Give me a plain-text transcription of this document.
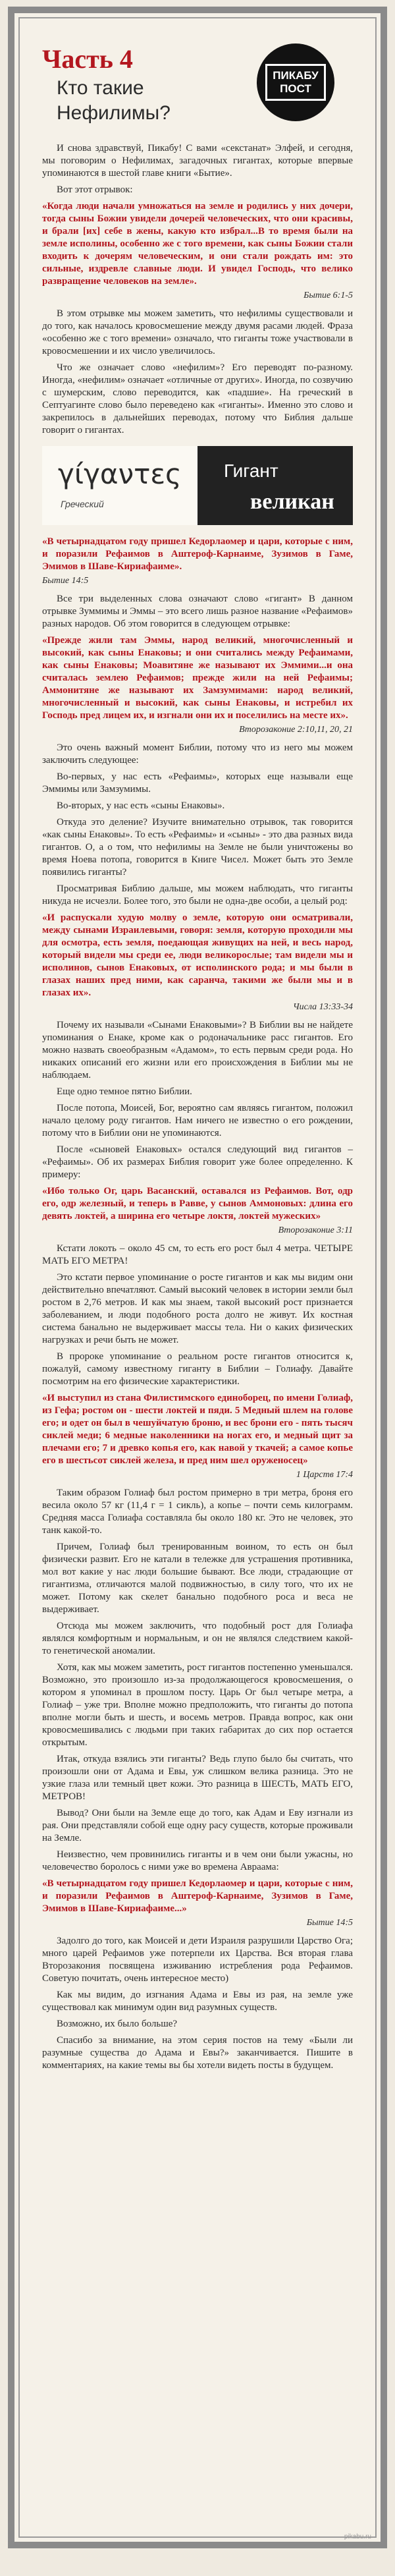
Часть 4
Кто такие
Нефилимы?
ПИКАБУ
ПОСТ

И снова здравствуй, Пикабу! С вами «секстанат» Элфей, и сегодня, мы поговорим о Нефилимах, загадочных гигантах, которые впервые упоминаются в шестой главе книги «Бытие».

Вот этот отрывок:

«Когда люди начали умножаться на земле и родились у них дочери, тогда сыны Божии увидели дочерей человеческих, что они красивы, и брали [их] себе в жены, какую кто избрал...В то время были на земле исполины, особенно же с того времени, как сыны Божии стали входить к дочерям человеческим, и они стали рождать им: это сильные, издревле славные люди. И увидел Господь, что велико развращение человеков на земле».
Бытие 6:1-5

В этом отрывке мы можем заметить, что нефилимы существовали и до того, как началось кровосмешение между двумя расами людей. Фраза «особенно же с того времени» означало, что гиганты тоже участвовали в кровосмешении и их число увеличилось.

Что же означает слово «нефилим»? Его переводят по-разному. Иногда, «нефилим» означает «отличные от других». Иногда, по созвучию с шумерским, слово переводится, как «падшие». На греческий в Септуагинте слово было переведено как «гиганты». Именно это слово и закрепилось в дальнейших переводах, потому что Библия дальше говорит о гигантах.

γίγαντες
Греческий
Гигант
великан
«В четырнадцатом году пришел Кедорлаомер и цари, которые с ним, и поразили Рефаимов в Аштероф-Карнаиме, Зузимов в Гаме, Эмимов в Шаве-Кириафаиме».
Бытие 14:5

Все три выделенных слова означают слово «гигант» В данном отрывке Зуммимы и Эммы – это всего лишь разное название «Рефаимов» разных народов. Об этом говорится в следующем отрывке:

«Прежде жили там Эммы, народ великий, многочисленный и высокий, как сыны Енаковы; и они считались между Рефаимами, как сыны Енаковы; Моавитяне же называют их Эммими...и она считалась землею Рефаимов; прежде жили на ней Рефаимы; Аммонитяне же называют их Замзумимами: народ великий, многочисленный и высокий, как сыны Енаковы, и истребил их Господь пред лицем их, и изгнали они их и поселились на месте их».
Второзаконие 2:10,11, 20, 21

Это очень важный момент Библии, потому что из него мы можем заключить следующее:

Во-первых, у нас есть «Рефаимы», которых еще называли еще Эммимы или Замзумимы.

Во-вторых, у нас есть «сыны Енаковы».

Откуда это деление? Изучите внимательно отрывок, так говорится «как сыны Енаковы». То есть «Рефаимы» и «сыны» - это два разных вида гигантов. О, а о том, что нефилимы на Земле не были уничтожены во время Ноева потопа, говорится в Книге Чисел. Может быть это Земле появились гиганты?

Просматривая Библию дальше, мы можем наблюдать, что гиганты никуда не исчезли. Более того, это были не одна-две особи, а целый род:

«И распускали худую молву о земле, которую они осматривали, между сынами Израилевыми, говоря: земля, которую проходили мы для осмотра, есть земля, поедающая живущих на ней, и весь народ, который видели мы среди ее, люди великорослые; там видели мы и исполинов, сынов Енаковых, от исполинского рода; и мы были в глазах наших пред ними, как саранча, такими же были мы и в глазах их».
Числа 13:33-34

Почему их называли «Сынами Енаковыми»? В Библии вы не найдете упоминания о Енаке, кроме как о родоначальнике расс гигантов. Его можно назвать своеобразным «Адамом», то есть первым среди рода. Но никаких описаний его жизни или его происхождения в Библии мы не наблюдаем.

Еще одно темное пятно Библии.

После потопа, Моисей, Бог, вероятно сам являясь гигантом, положил начало целому роду гигантов. Нам ничего не известно о его рождении, потому что в Библии они не упоминаются.

После «сыновей Енаковых» остался следующий вид гигантов – «Рефаимы». Об их размерах Библия говорит уже более определенно. К примеру:

«Ибо только Ог, царь Васанский, оставался из Рефаимов. Вот, одр его, одр железный, и теперь в Равве, у сынов Аммоновых: длина его девять локтей, а ширина его четыре локтя, локтей мужеских»
Второзаконие 3:11

Кстати локоть – около 45 см, то есть его рост был 4 метра. ЧЕТЫРЕ МАТЬ ЕГО МЕТРА!

Это кстати первое упоминание о росте гигантов и как мы видим они действительно впечатляют. Самый высокий человек в истории земли был ростом в 2,76 метров. И как мы знаем, такой высокий рост признается заболеванием, и люди подобного роста долго не живут. Их костная система банально не выдерживает массы тела. Ни о каких физических нагрузках и речи быть не может.

В пророке упоминание о реальном росте гигантов относится к, пожалуй, самому известному гиганту в Библии – Голиафу. Давайте посмотрим на его физические характеристики.

«И выступил из стана Филистимского единоборец, по имени Голиаф, из Гефа; ростом он - шести локтей и пяди. 5 Медный шлем на голове его; и одет он был в чешуйчатую броню, и вес брони его - пять тысяч сиклей меди; 6 медные наколенники на ногах его, и медный щит за плечами его; 7 и древко копья его, как навой у ткачей; а самое копье его в шестьсот сиклей железа, и пред ним шел оруженосец»
1 Царств 17:4

Таким образом Голиаф был ростом примерно в три метра, броня его весила около 57 кг (11,4 г = 1 сикль), а копье – почти семь килограмм. Средняя масса Голиафа составляла бы около 180 кг. Это не человек, это танк какой-то.

Причем, Голиаф был тренированным воином, то есть он был физически развит. Его не катали в тележке для устрашения противника, мол вот какие у нас люди большие бывают. Все люди, страдающие от гигантизма, отличаются малой подвижностью, в силу того, что их не может. Потому как скелет банально подобного роса и веса не выдерживает.

Отсюда мы можем заключить, что подобный рост для Голиафа являлся комфортным и нормальным, и он не являлся следствием какой-то генетической аномалии.

Хотя, как мы можем заметить, рост гигантов постепенно уменьшался. Возможно, это произошло из-за продолжающегося кровосмешения, о котором я упоминал в прошлом посту. Царь Ог был четыре метра, а Голиаф – уже три. Вполне можно предположить, что гиганты до потопа вполне могли быть и шесть, и восемь метров. Правда вопрос, как они кровосмешивались с людьми при таких габаритах до сих пор остается открытым.

Итак, откуда взялись эти гиганты? Ведь глупо было бы считать, что произошли они от Адама и Евы, уж слишком велика разница. Это не узкие глаза или темный цвет кожи. Это разница в ШЕСТЬ, МАТЬ ЕГО, МЕТРОВ!

Вывод? Они были на Земле еще до того, как Адам и Еву изгнали из рая. Они представляли собой еще одну расу существ, которые проживали на Земле.

Неизвестно, чем провинились гиганты и в чем они были ужасны, но человечество боролось с ними уже во времена Авраама:

«В четырнадцатом году пришел Кедорлаомер и цари, которые с ним, и поразили Рефаимов в Аштероф-Карнаиме, Зузимов в Гаме, Эмимов в Шаве-Кириафаиме...»
Бытие 14:5

Задолго до того, как Моисей и дети Израиля разрушили Царство Ога; много царей Рефаимов уже потерпели их Царства. Вся вторая глава Второзакония посвящена изживанию истребления рода Рефаимов. Советую почитать, очень интересное место)

Как мы видим, до изгнания Адама и Евы из рая, на земле уже существовал как минимум один вид разумных существ.

Возможно, их было больше?

Спасибо за внимание, на этом серия постов на тему «Были ли разумные существа до Адама и Евы?» заканчивается. Пишите в комментариях, на какие темы вы бы хотели видеть посты в будущем.

pikabu.ru
